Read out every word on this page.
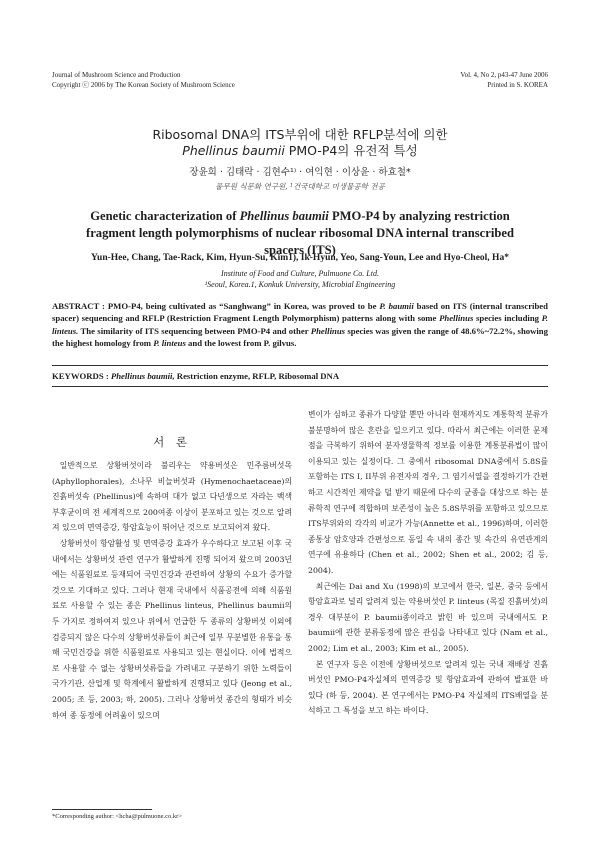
Journal of Mushroom Science and Production
Copyright ⓒ 2006 by The Korean Society of Mushroom Science
Vol. 4, No 2, p43-47 June 2006
Printed in S. KOREA
Ribosomal DNA의 ITS부위에 대한 RFLP분석에 의한
Phellinus baumii PMO-P4의 유전적 특성
장윤희 · 김태락 · 김현수¹⁾ · 여익현 · 이상윤 · 하효철*
풀무원 식문화 연구원, ¹건국대학교 미생물공학 전공
Genetic characterization of Phellinus baumii PMO-P4 by analyzing restriction fragment length polymorphisms of nuclear ribosomal DNA internal transcribed spacers (ITS)
Yun-Hee, Chang, Tae-Rack, Kim, Hyun-Su, Kim1), Ik-Hyun, Yeo, Sang-Youn, Lee and Hyo-Cheol, Ha*
Institute of Food and Culture, Pulmuone Co. Ltd.
¹Seoul, Korea.1, Konkuk University, Microbial Engineering
ABSTRACT : PMO-P4, being cultivated as “Sanghwang” in Korea, was proved to be P. baumii based on ITS (internal transcribed spacer) sequencing and RFLP (Restriction Fragment Length Polymorphism) patterns along with some Phellinus species including P. linteus. The similarity of ITS sequencing between PMO-P4 and other Phellinus species was given the range of 48.6%~72.2%, showing the highest homology from P. linteus and the lowest from P. gilvus.
KEYWORDS : Phellinus baumii, Restriction enzyme, RFLP, Ribosomal DNA
서 론

일반적으로 상황버섯이라 불리우는 약용버섯은 민주름버섯목 (Aphyllophorales), 소나무 비늘버섯과 (Hymenochaetaceae)의 진흙버섯속 (Phellinus)에 속하며 대가 없고 다년생으로 자라는 백색 부후균이며 전 세계적으로 200여종 이상이 분포하고 있는 것으로 알려져 있으며 면역증강, 항암효능이 뛰어난 것으로 보고되어져 왔다.

상황버섯이 항암활성 및 면역증강 효과가 우수하다고 보고된 이후 국내에서는 상황버섯 관련 연구가 활발하게 진행 되어져 왔으며 2003년에는 식품원료로 등재되어 국민건강과 관련하여 상황의 수요가 증가할 것으로 기대하고 있다. 그러나 현재 국내에서 식품공전에 의해 식품원료로 사용할 수 있는 종은 Phellinus linteus, Phellinus baumii의 두 가지로 정하여져 있으나 위에서 언급한 두 종류의 상황버섯 이외에 검증되지 않은 다수의 상황버섯류들이 최근에 일부 무분별한 유통을 통해 국민건강을 위한 식품원료로 사용되고 있는 현실이다. 이에 법적으로 사용할 수 없는 상황버섯류들을 가려내고 구분하기 위한 노력들이 국가기관, 산업계 및 학계에서 활발하게 진행되고 있다 (Jeong et al., 2005; 조 등, 2003; 하, 2005). 그러나 상황버섯 종간의 형태가 비슷하여 종 동정에 어려움이 있으며

변이가 심하고 종류가 다양할 뿐만 아니라 현재까지도 계통학적 분류가 불분명하여 많은 혼란을 일으키고 있다. 따라서 최근에는 이러한 문제점을 극복하기 위하여 분자생물학적 정보를 이용한 계통분류법이 많이 이용되고 있는 실정이다. 그 중에서 ribosomal DNA중에서 5.8S를 포함하는 ITS I, II부위 유전자의 경우, 그 염기서열을 결정하기가 간편하고 시간적인 제약을 덜 받기 때문에 다수의 균종을 대상으로 하는 분류학적 연구에 적합하며 보존성이 높은 5.8S부위를 포함하고 있으므로 ITS부위와의 각각의 비교가 가능(Annette et al., 1996)하며, 이러한 종통상 암호양과 간편성으로 동일 속 내의 종간 및 속간의 유연관계의 연구에 유용하다 (Chen et al., 2002; Shen et al., 2002; 김 등, 2004).

최근에는 Dai and Xu (1998)의 보고에서 한국, 일본, 중국 등에서 항암효과로 널리 알려져 있는 약용버섯인 P. linteus (목질 진흙버섯)의 경우 대부분이 P. baumii종이라고 밝힌 바 있으며 국내에서도 P. baumii에 관한 분류동정에 많은 관심을 나타내고 있다 (Nam et al., 2002; Lim et al., 2003; Kim et al., 2005).

본 연구자 등은 이전에 상황버섯으로 알려져 있는 국내 재배상 진흙버섯인 PMO-P4자실체의 면역증강 및 항암효과에 관하여 발표한 바 있다 (하 등, 2004). 본 연구에서는 PMO-P4 자실체의 ITS배열을 분석하고 그 특성을 보고 하는 바이다.

*Corresponding author: <hcha@pulmuone.co.kr>
